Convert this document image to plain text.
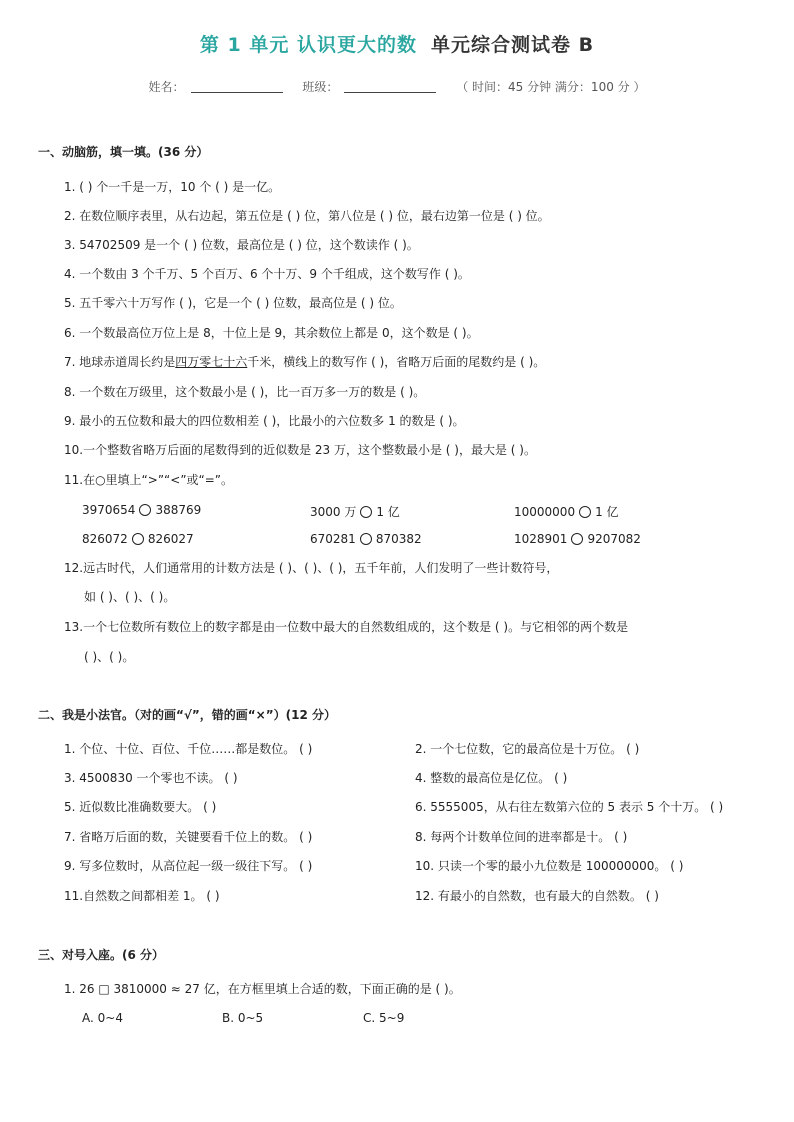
第 1 单元 认识更大的数 单元综合测试卷 B
姓名：	班级：	（ 时间：45 分钟 满分：100 分 ）
一、动脑筋，填一填。(36 分）
1. ( ) 个一千是一万，10 个 ( ) 是一亿。
2. 在数位顺序表里，从右边起，第五位是 ( ) 位，第八位是 ( ) 位，最右边第一位是 ( ) 位。
3. 54702509 是一个 ( ) 位数，最高位是 ( ) 位，这个数读作 ( )。
4. 一个数由 3 个千万、5 个百万、6 个十万、9 个千组成，这个数写作 ( )。
5. 五千零六十万写作 ( )，它是一个 ( ) 位数，最高位是 ( ) 位。
6. 一个数最高位万位上是 8，十位上是 9，其余数位上都是 0，这个数是 ( )。
7. 地球赤道周长约是四万零七十六千米，横线上的数写作 ( )，省略万后面的尾数约是 ( )。
8. 一个数在万级里，这个数最小是 ( )，比一百万多一万的数是 ( )。
9. 最小的五位数和最大的四位数相差 ( )，比最小的六位数多 1 的数是 ( )。
10.一个整数省略万后面的尾数得到的近似数是 23 万，这个整数最小是 ( )，最大是 ( )。
11.在○里填上“>”“<”或“=”。
3970654 388769	3000 万 1 亿	10000000 1 亿
826072 826027	670281 870382	1028901 9207082
12.远古时代，人们通常用的计数方法是 ( )、( )、( )，五千年前，人们发明了一些计数符号，
如 ( )、( )、( )。
13.一个七位数所有数位上的数字都是由一位数中最大的自然数组成的，这个数是 ( )。与它相邻的两个数是
( )、( )。
二、我是小法官。（对的画“√”，错的画“×”）(12 分）
1. 个位、十位、百位、千位……都是数位。 ( )
3. 4500830 一个零也不读。 ( )
5. 近似数比准确数要大。 ( )
7. 省略万后面的数，关键要看千位上的数。 ( )
9. 写多位数时，从高位起一级一级往下写。 ( )
11.自然数之间都相差 1。 ( )
2. 一个七位数，它的最高位是十万位。 ( )
4. 整数的最高位是亿位。 ( )
6. 5555005，从右往左数第六位的 5 表示 5 个十万。 ( )
8. 每两个计数单位间的进率都是十。 ( )
10. 只读一个零的最小九位数是 100000000。 ( )
12. 有最小的自然数，也有最大的自然数。 ( )
三、对号入座。(6 分）
1. 26 □ 3810000 ≈ 27 亿，在方框里填上合适的数，下面正确的是 ( )。
A. 0~4	B. 0~5	C. 5~9
